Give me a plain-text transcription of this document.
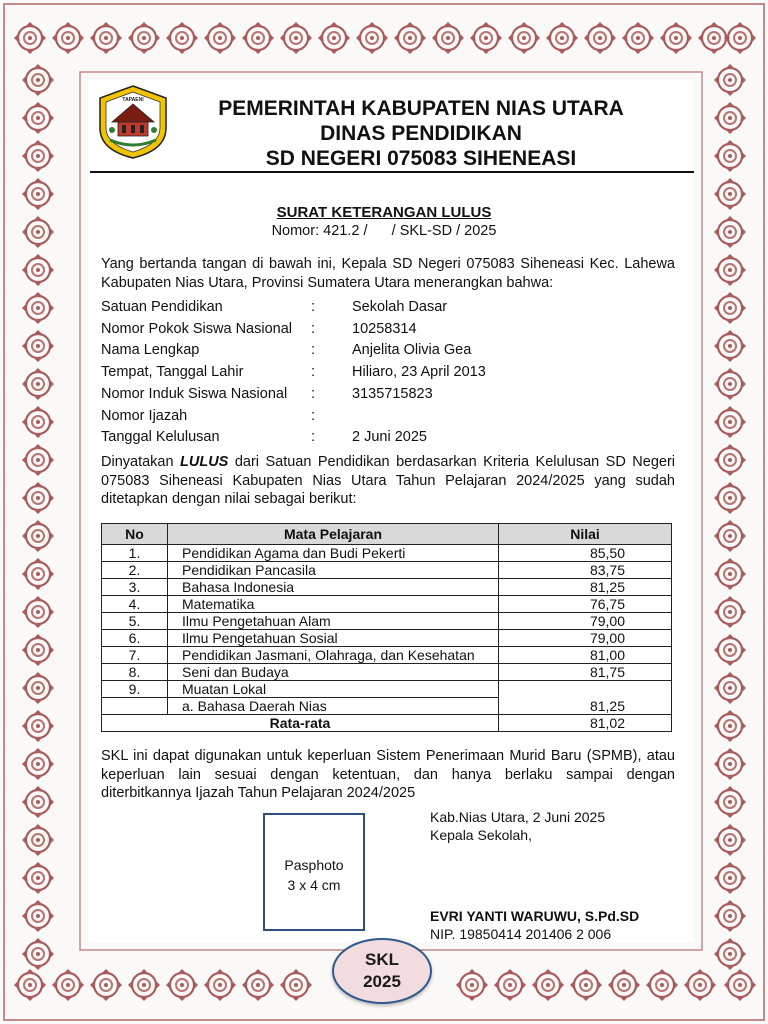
TAPAENI	PEMERINTAH KABUPATEN NIAS UTARA
DINAS PENDIDIKAN
SD NEGERI 075083 SIHENEASI
SURAT KETERANGAN LULUS
Nomor: 421.2 /      / SKL-SD / 2025
Yang bertanda tangan di bawah ini, Kepala SD Negeri 075083 Siheneasi Kec. Lahewa Kabupaten Nias Utara, Provinsi Sumatera Utara menerangkan bahwa:
Satuan Pendidikan	:	Sekolah Dasar
Nomor Pokok Siswa Nasional :	10258314
Nama Lengkap	:	Anjelita Olivia Gea
Tempat, Tanggal Lahir	:	Hiliaro, 23 April 2013
Nomor Induk Siswa Nasional :	3135715823
Nomor Ijazah	:
Tanggal Kelulusan	:	2 Juni 2025
Dinyatakan LULUS dari Satuan Pendidikan berdasarkan Kriteria Kelulusan SD Negeri 075083 Siheneasi Kabupaten Nias Utara Tahun Pelajaran 2024/2025 yang sudah ditetapkan dengan nilai sebagai berikut:
No	Mata Pelajaran	Nilai
1.	Pendidikan Agama dan Budi Pekerti	85,50
2.	Pendidikan Pancasila	83,75
3.	Bahasa Indonesia	81,25
4.	Matematika	76,75
5.	Ilmu Pengetahuan Alam	79,00
6.	Ilmu Pengetahuan Sosial	79,00
7.	Pendidikan Jasmani, Olahraga, dan Kesehatan	81,00
8.	Seni dan Budaya	81,75
9.	Muatan Lokal	
	a. Bahasa Daerah Nias	81,25
Rata-rata		81,02
SKL ini dapat digunakan untuk keperluan Sistem Penerimaan Murid Baru (SPMB), atau keperluan lain sesuai dengan ketentuan, dan hanya berlaku sampai dengan diterbitkannya Ijazah Tahun Pelajaran 2024/2025
Pasphoto
3 x 4 cm
Kab.Nias Utara, 2 Juni 2025
Kepala Sekolah,
EVRI YANTI WARUWU, S.Pd.SD
NIP. 19850414 201406 2 006
SKL
2025
